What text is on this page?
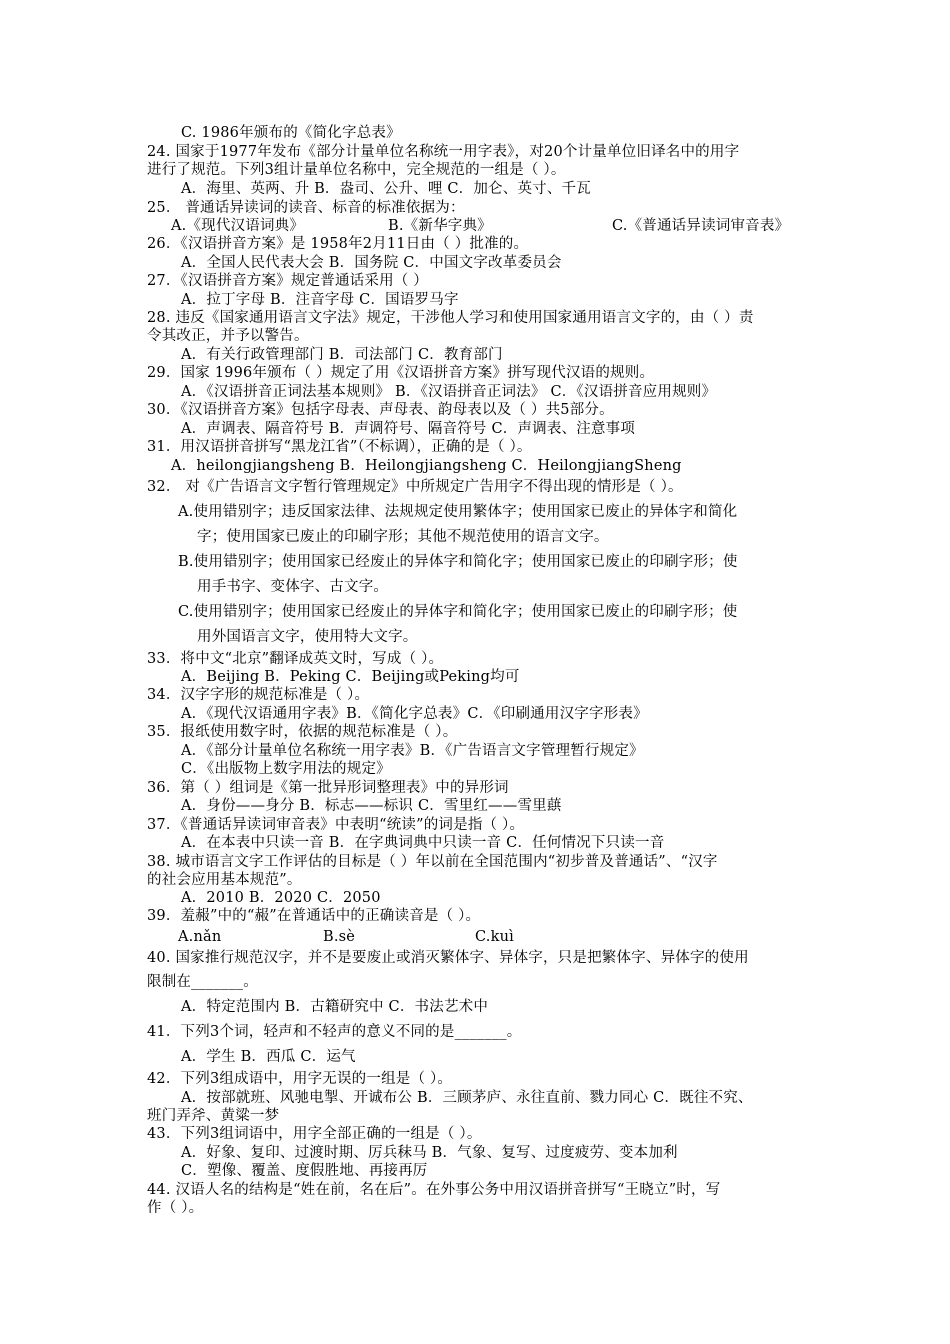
C. 1986年颁布的《简化字总表》
24. 国家于1977年发布《部分计量单位名称统一用字表》，对20个计量单位旧译名中的用字
进行了规范。下列3组计量单位名称中，完全规范的一组是（ ）。
A．海里、英两、升 B．盎司、公升、哩 C．加仑、英寸、千瓦
25． 普通话异读词的读音、标音的标准依据为：
A.《现代汉语词典》	B.《新华字典》	C.《普通话异读词审音表》
26．《汉语拼音方案》是 1958年2月11日由（ ）批准的。
A．全国人民代表大会 B．国务院 C．中国文字改革委员会
27．《汉语拼音方案》规定普通话采用（ ）
A．拉丁字母 B．注音字母 C．国语罗马字
28. 违反《国家通用语言文字法》规定，干涉他人学习和使用国家通用语言文字的，由（ ）责
令其改正，并予以警告。
A．有关行政管理部门 B．司法部门 C．教育部门
29．国家 1996年颁布（ ）规定了用《汉语拼音方案》拼写现代汉语的规则。
A．《汉语拼音正词法基本规则》 B．《汉语拼音正词法》 C．《汉语拼音应用规则》
30．《汉语拼音方案》包括字母表、声母表、韵母表以及（ ）共5部分。
A．声调表、隔音符号 B．声调符号、隔音符号 C．声调表、注意事项
31．用汉语拼音拼写“黑龙江省”（不标调），正确的是（ ）。
A．heilongjiangsheng B．Heilongjiangsheng C．HeilongjiangSheng
32． 对《广告语言文字暂行管理规定》中所规定广告用字不得出现的情形是（ ）。
A.使用错别字；违反国家法律、法规规定使用繁体字；使用国家已废止的异体字和简化
字；使用国家已废止的印刷字形；其他不规范使用的语言文字。
B.使用错别字；使用国家已经废止的异体字和简化字；使用国家已废止的印刷字形；使
用手书字、变体字、古文字。
C.使用错别字；使用国家已经废止的异体字和简化字；使用国家已废止的印刷字形；使
用外国语言文字，使用特大文字。
33．将中文“北京”翻译成英文时，写成（ ）。
A．Beijing B．Peking C．Beijing或Peking均可
34．汉字字形的规范标准是（ ）。
A．《现代汉语通用字表》B．《简化字总表》C．《印刷通用汉字字形表》
35．报纸使用数字时，依据的规范标准是（ ）。
A．《部分计量单位名称统一用字表》B．《广告语言文字管理暂行规定》
C．《出版物上数字用法的规定》
36．第（ ）组词是《第一批异形词整理表》中的异形词
A．身份——身分 B．标志——标识 C．雪里红——雪里蕻
37．《普通话异读词审音表》中表明“统读”的词是指（ ）。
A．在本表中只读一音 B．在字典词典中只读一音 C．任何情况下只读一音
38. 城市语言文字工作评估的目标是（ ）年以前在全国范围内“初步普及普通话”、“汉字
的社会应用基本规范”。
A．2010 B．2020 C．2050
39．羞赧”中的“赧”在普通话中的正确读音是（ ）。
A.nǎn	B.sè	C.kuì
40. 国家推行规范汉字，并不是要废止或消灭繁体字、异体字，只是把繁体字、异体字的使用
限制在_______。
A．特定范围内 B．古籍研究中 C．书法艺术中
41．下列3个词，轻声和不轻声的意义不同的是_______。
A．学生 B．西瓜 C．运气
42．下列3组成语中，用字无误的一组是（ ）。
A．按部就班、风驰电掣、开诚布公 B．三顾茅庐、永往直前、戮力同心 C．既往不究、
班门弄斧、黄粱一梦
43．下列3组词语中，用字全部正确的一组是（ ）。
A．好象、复印、过渡时期、厉兵秣马 B．气象、复写、过度疲劳、变本加利
C．塑像、覆盖、度假胜地、再接再厉
44. 汉语人名的结构是“姓在前，名在后”。在外事公务中用汉语拼音拼写“王晓立”时，写
作（ ）。
